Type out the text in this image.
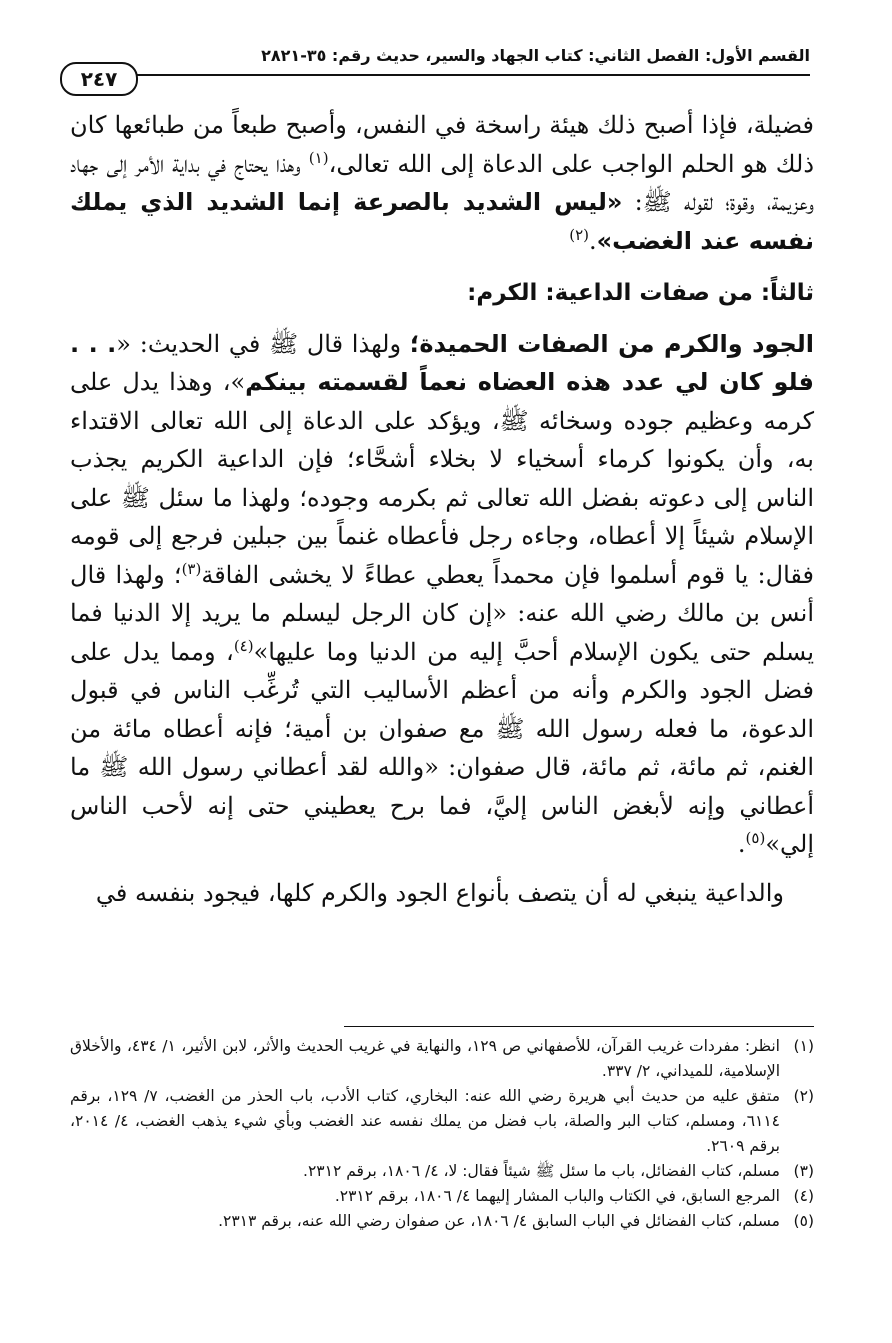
القسم الأول: الفصل الثاني: كتاب الجهاد والسير، حديث رقم: ٣٥-٢٨٢١
٢٤٧

فضيلة، فإذا أصبح ذلك هيئة راسخة في النفس، وأصبح طبعاً من طبائعها كان ذلك هو الحلم الواجب على الدعاة إلى الله تعالى،$^{(١)}$ وهذا يحتاج في بداية الأمر إلى جهاد وعزيمة، وقوة؛ لقوله ﷺ: «ليس الشديد بالصرعة إنما الشديد الذي يملك نفسه عند الغضب».$^{(٢)}$

ثالثاً: من صفات الداعية: الكرم:

الجود والكرم من الصفات الحميدة؛ ولهذا قال ﷺ في الحديث: «. . . فلو كان لي عدد هذه العضاه نعماً لقسمته بينكم»، وهذا يدل على كرمه وعظيم جوده وسخائه ﷺ، ويؤكد على الدعاة إلى الله تعالى الاقتداء به، وأن يكونوا كرماء أسخياء لا بخلاء أشحَّاء؛ فإن الداعية الكريم يجذب الناس إلى دعوته بفضل الله تعالى ثم بكرمه وجوده؛ ولهذا ما سئل ﷺ على الإسلام شيئاً إلا أعطاه، وجاءه رجل فأعطاه غنماً بين جبلين فرجع إلى قومه فقال: يا قوم أسلموا فإن محمداً يعطي عطاءً لا يخشى الفاقة$^{(٣)}$؛ ولهذا قال أنس بن مالك رضي الله عنه: «إن كان الرجل ليسلم ما يريد إلا الدنيا فما يسلم حتى يكون الإسلام أحبَّ إليه من الدنيا وما عليها»$^{(٤)}$، ومما يدل على فضل الجود والكرم وأنه من أعظم الأساليب التي تُرغِّب الناس في قبول الدعوة، ما فعله رسول الله ﷺ مع صفوان بن أمية؛ فإنه أعطاه مائة من الغنم، ثم مائة، ثم مائة، قال صفوان: «والله لقد أعطاني رسول الله ﷺ ما أعطاني وإنه لأبغض الناس إليَّ، فما برح يعطيني حتى إنه لأحب الناس إلي»$^{(٥)}$.

والداعية ينبغي له أن يتصف بأنواع الجود والكرم كلها، فيجود بنفسه في

(١)
انظر: مفردات غريب القرآن، للأصفهاني ص ١٢٩، والنهاية في غريب الحديث والأثر، لابن الأثير، ١/ ٤٣٤، والأخلاق الإسلامية، للميداني، ٢/ ٣٣٧.

(٢)
متفق عليه من حديث أبي هريرة رضي الله عنه: البخاري، كتاب الأدب، باب الحذر من الغضب، ٧/ ١٢٩، برقم ٦١١٤، ومسلم، كتاب البر والصلة، باب فضل من يملك نفسه عند الغضب وبأي شيء يذهب الغضب، ٤/ ٢٠١٤، برقم ٢٦٠٩.

(٣)
مسلم، كتاب الفضائل، باب ما سئل ﷺ شيئاً فقال: لا، ٤/ ١٨٠٦، برقم ٢٣١٢.

(٤)
المرجع السابق، في الكتاب والباب المشار إليهما ٤/ ١٨٠٦، برقم ٢٣١٢.

(٥)
مسلم، كتاب الفضائل في الباب السابق ٤/ ١٨٠٦، عن صفوان رضي الله عنه، برقم ٢٣١٣.
